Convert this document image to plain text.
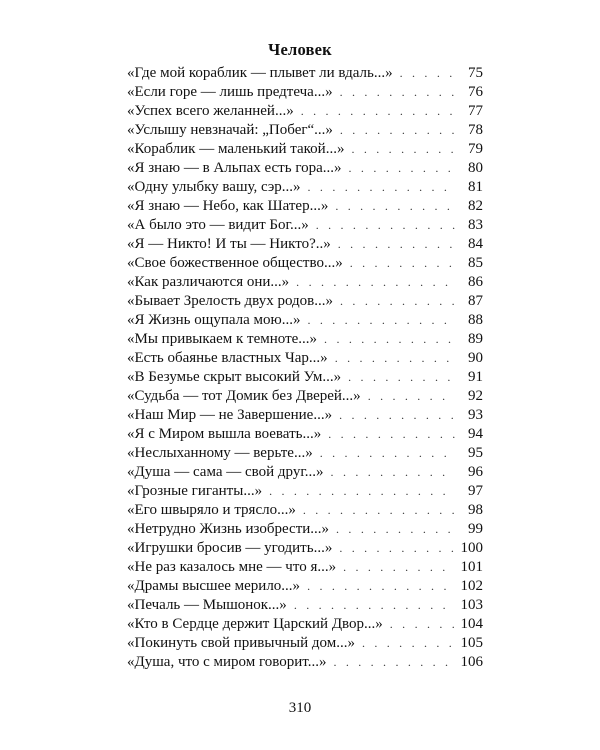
Человек
«Где мой кораблик — плывет ли вдаль...» . . .	75
«Если горе — лишь предтеча...» . . .	76
«Успех всего желанней...» . . .	77
«Услышу невзначай: „Побег“...» . . .	78
«Кораблик — маленький такой...» . . .	79
«Я знаю — в Альпах есть гора...» . . .	80
«Одну улыбку вашу, сэр...» . . .	81
«Я знаю — Небо, как Шатер...» . . .	82
«А было это — видит Бог...» . . .	83
«Я — Никто! И ты — Никто?..» . . .	84
«Свое божественное общество...» . . .	85
«Как различаются они...» . . .	86
«Бывает Зрелость двух родов...» . . .	87
«Я Жизнь ощупала мою...» . . .	88
«Мы привыкаем к темноте...» . . .	89
«Есть обаянье властных Чар...» . . .	90
«В Безумье скрыт высокий Ум...» . . .	91
«Судьба — тот Домик без Дверей...» . . .	92
«Наш Мир — не Завершение...» . . .	93
«Я с Миром вышла воевать...» . . .	94
«Неслыханному — верьте...» . . .	95
«Душа — сама — свой друг...» . . .	96
«Грозные гиганты...» . . .	97
«Его швыряло и трясло...» . . .	98
«Нетрудно Жизнь изобрести...» . . .	99
«Игрушки бросив — угодить...» . . .	100
«Не раз казалось мне — что я...» . . .	101
«Драмы высшее мерило...» . . .	102
«Печаль — Мышонок...» . . .	103
«Кто в Сердце держит Царский Двор...» . . .	104
«Покинуть свой привычный дом...» . . .	105
«Душа, что с миром говорит...» . . .	106
310
